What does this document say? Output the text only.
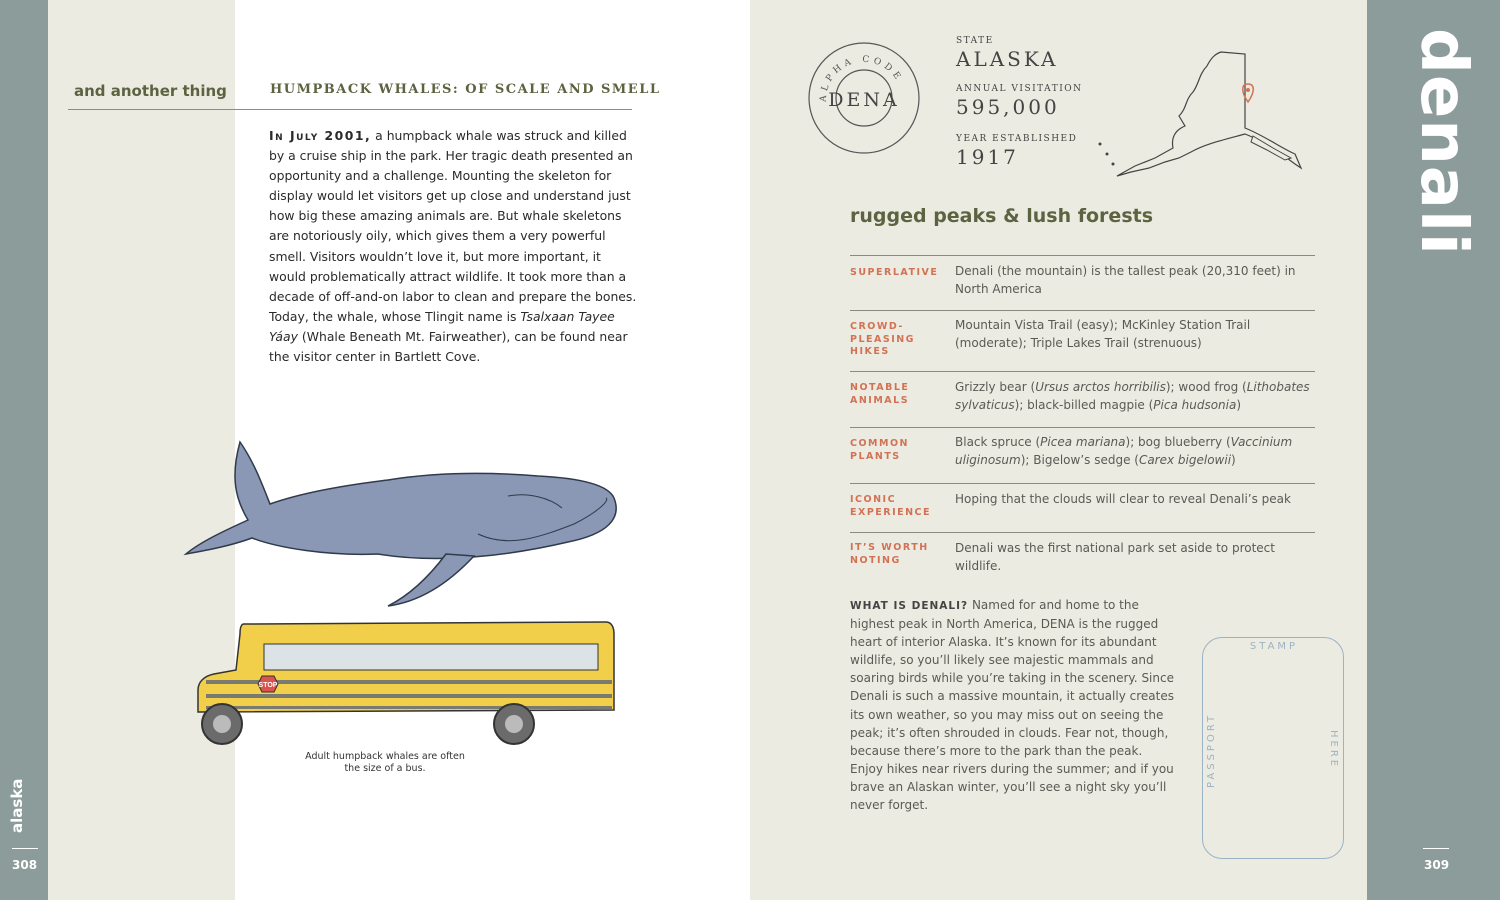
alaska
308
denali
309
and another thing	HUMPBACK WHALES: OF SCALE AND SMELL

In July 2001, a humpback whale was struck and killed by a cruise ship in the park. Her tragic death presented an opportunity and a challenge. Mounting the skeleton for display would let visitors get up close and understand just how big these amazing animals are. But whale skeletons are notoriously oily, which gives them a very powerful smell. Visitors wouldn’t love it, but more important, it would problematically attract wildlife. It took more than a decade of off-and-on labor to clean and prepare the bones. Today, the whale, whose Tlingit name is Tsalxaan Tayee Yáay (Whale Beneath Mt. Fairweather), can be found near the visitor center in Bartlett Cove.

STOP
Adult humpback whales are often the size of a bus.
ALPHA CODE
DENA
STATE
ALASKA
ANNUAL VISITATION
595,000
YEAR ESTABLISHED
1917
rugged peaks & lush forests
SUPERLATIVE Denali (the mountain) is the tallest peak (20,310 feet) in North America
CROWD-PLEASING HIKES
Mountain Vista Trail (easy); McKinley Station Trail (moderate); Triple Lakes Trail (strenuous)
NOTABLE ANIMALS
Grizzly bear (Ursus arctos horribilis); wood frog (Lithobates sylvaticus); black-billed magpie (Pica hudsonia)
COMMON PLANTS
Black spruce (Picea mariana); bog blueberry (Vaccinium uliginosum); Bigelow’s sedge (Carex bigelowii)
ICONIC EXPERIENCE
Hoping that the clouds will clear to reveal Denali’s peak
IT’S WORTH NOTING
Denali was the first national park set aside to protect wildlife.

WHAT IS DENALI? Named for and home to the highest peak in North America, DENA is the rugged heart of interior Alaska. It’s known for its abundant wildlife, so you’ll likely see majestic mammals and soaring birds while you’re taking in the scenery. Since Denali is such a massive mountain, it actually creates its own weather, so you may miss out on seeing the peak; it’s often shrouded in clouds. Fear not, though, because there’s more to the park than the peak. Enjoy hikes near rivers during the summer; and if you brave an Alaskan winter, you’ll see a night sky you’ll never forget.

STAMP
PASSPORT	HERE
